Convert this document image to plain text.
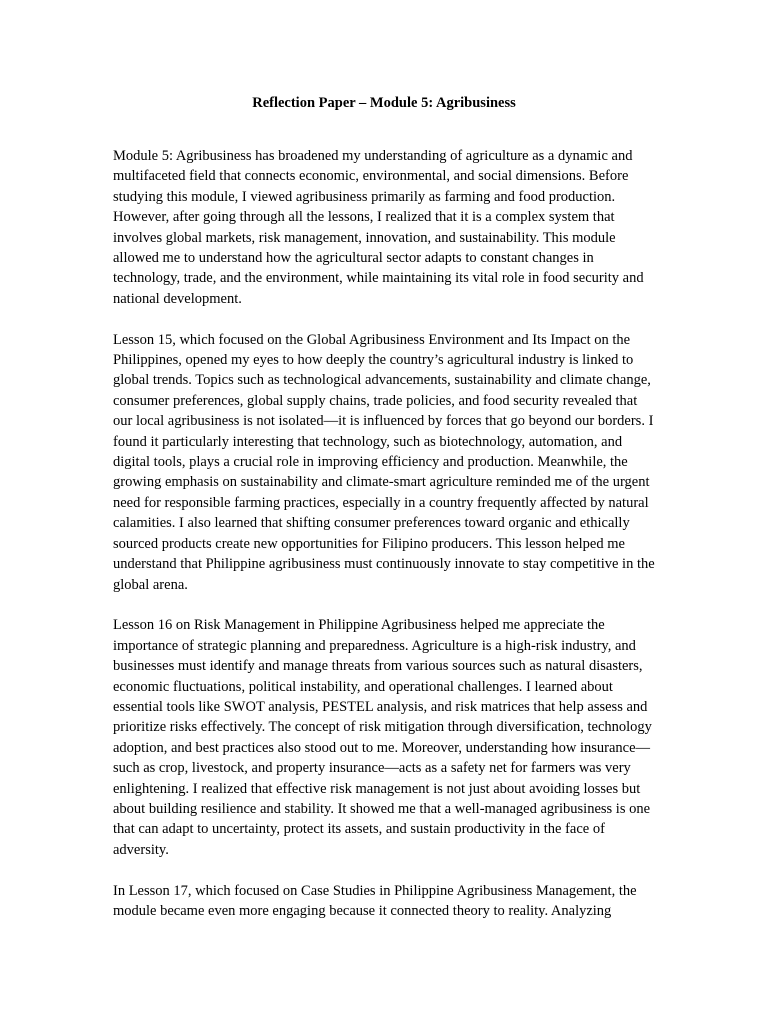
Reflection Paper – Module 5: Agribusiness

Module 5: Agribusiness has broadened my understanding of agriculture as a dynamic and multifaceted field that connects economic, environmental, and social dimensions. Before studying this module, I viewed agribusiness primarily as farming and food production. However, after going through all the lessons, I realized that it is a complex system that involves global markets, risk management, innovation, and sustainability. This module allowed me to understand how the agricultural sector adapts to constant changes in technology, trade, and the environment, while maintaining its vital role in food security and national development.

Lesson 15, which focused on the Global Agribusiness Environment and Its Impact on the Philippines, opened my eyes to how deeply the country’s agricultural industry is linked to global trends. Topics such as technological advancements, sustainability and climate change, consumer preferences, global supply chains, trade policies, and food security revealed that our local agribusiness is not isolated—it is influenced by forces that go beyond our borders. I found it particularly interesting that technology, such as biotechnology, automation, and digital tools, plays a crucial role in improving efficiency and production. Meanwhile, the growing emphasis on sustainability and climate-smart agriculture reminded me of the urgent need for responsible farming practices, especially in a country frequently affected by natural calamities. I also learned that shifting consumer preferences toward organic and ethically sourced products create new opportunities for Filipino producers. This lesson helped me understand that Philippine agribusiness must continuously innovate to stay competitive in the global arena.

Lesson 16 on Risk Management in Philippine Agribusiness helped me appreciate the importance of strategic planning and preparedness. Agriculture is a high-risk industry, and businesses must identify and manage threats from various sources such as natural disasters, economic fluctuations, political instability, and operational challenges. I learned about essential tools like SWOT analysis, PESTEL analysis, and risk matrices that help assess and prioritize risks effectively. The concept of risk mitigation through diversification, technology adoption, and best practices also stood out to me. Moreover, understanding how insurance—such as crop, livestock, and property insurance—acts as a safety net for farmers was very enlightening. I realized that effective risk management is not just about avoiding losses but about building resilience and stability. It showed me that a well-managed agribusiness is one that can adapt to uncertainty, protect its assets, and sustain productivity in the face of adversity.

In Lesson 17, which focused on Case Studies in Philippine Agribusiness Management, the module became even more engaging because it connected theory to reality. Analyzing
